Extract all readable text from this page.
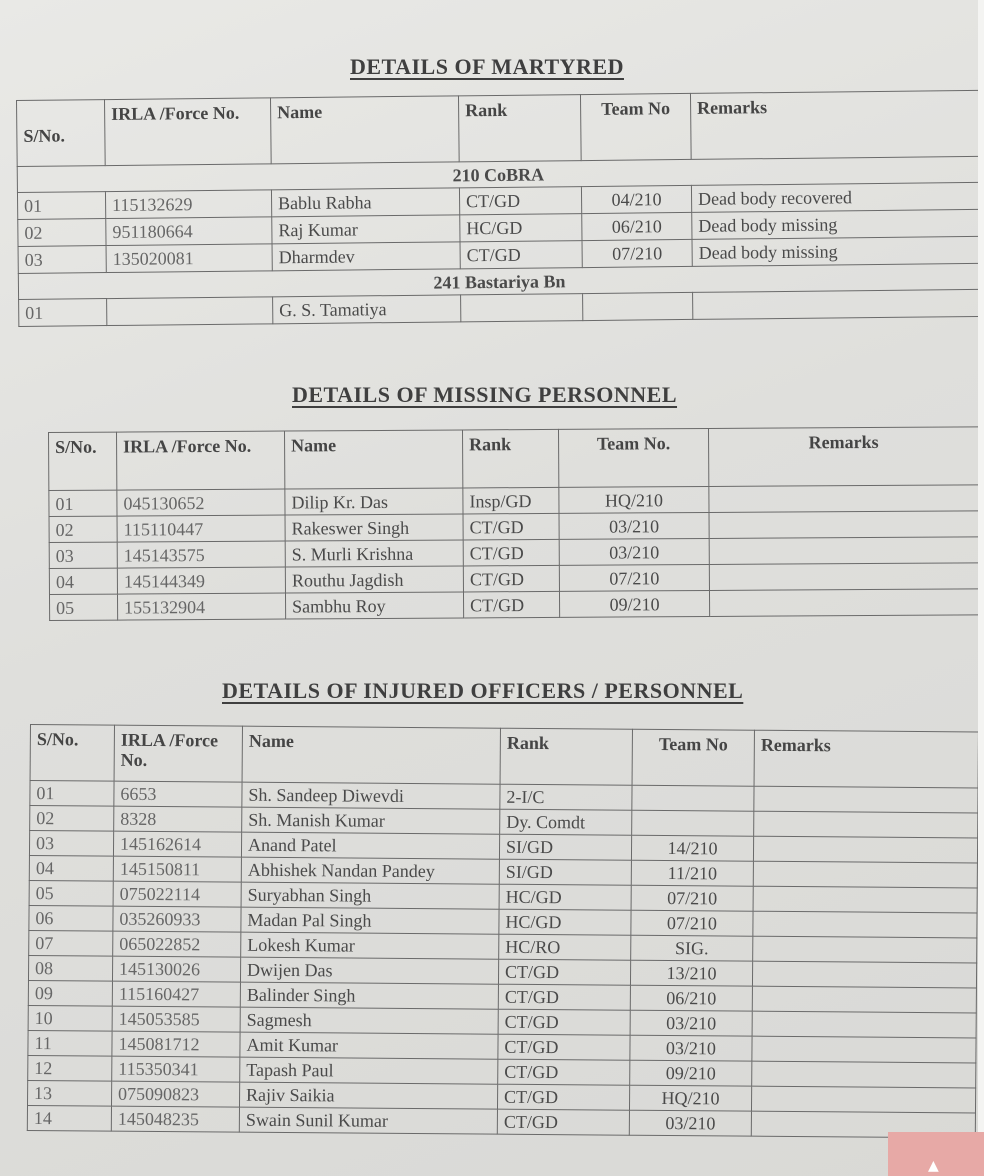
DETAILS OF MARTYRED
S/No.	IRLA /Force No.	Name	Rank	Team No	Remarks
210 CoBRA					
01	115132629	Bablu Rabha	CT/GD	04/210	Dead body recovered
02	951180664	Raj Kumar	HC/GD	06/210	Dead body missing
03	135020081	Dharmdev	CT/GD	07/210	Dead body missing
241 Bastariya Bn					
01		G. S. Tamatiya			
DETAILS OF MISSING PERSONNEL
S/No.	IRLA /Force No.	Name	Rank	Team No.	Remarks
01	045130652	Dilip Kr. Das	Insp/GD	HQ/210	
02	115110447	Rakeswer Singh	CT/GD	03/210	
03	145143575	S. Murli Krishna	CT/GD	03/210	
04	145144349	Routhu Jagdish	CT/GD	07/210	
05	155132904	Sambhu Roy	CT/GD	09/210	
DETAILS OF INJURED OFFICERS / PERSONNEL
S/No.	IRLA /Force No.	Name	Rank	Team No	Remarks
01	6653	Sh. Sandeep Diwevdi	2-I/C		
02	8328	Sh. Manish Kumar	Dy. Comdt		
03	145162614	Anand Patel	SI/GD	14/210	
04	145150811	Abhishek Nandan Pandey	SI/GD	11/210	
05	075022114	Suryabhan Singh	HC/GD	07/210	
06	035260933	Madan Pal Singh	HC/GD	07/210	
07	065022852	Lokesh Kumar	HC/RO	SIG.	
08	145130026	Dwijen Das	CT/GD	13/210	
09	115160427	Balinder Singh	CT/GD	06/210	
10	145053585	Sagmesh	CT/GD	03/210	
11	145081712	Amit Kumar	CT/GD	03/210	
12	115350341	Tapash Paul	CT/GD	09/210	
13	075090823	Rajiv Saikia	CT/GD	HQ/210	
14	145048235	Swain Sunil Kumar	CT/GD	03/210	
▲
